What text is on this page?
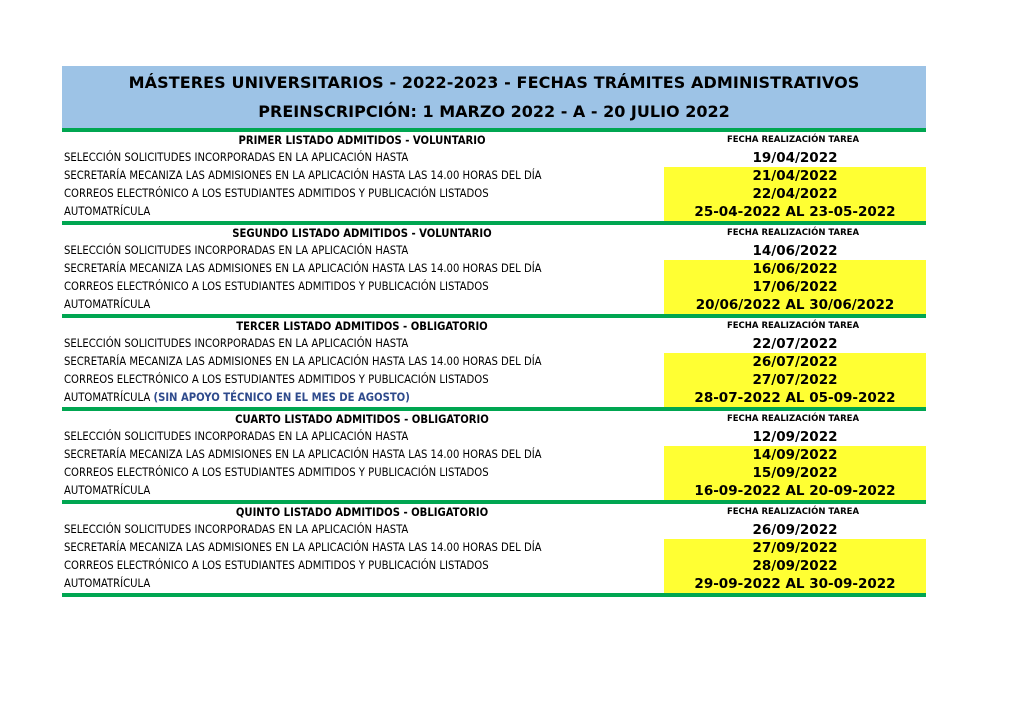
MÁSTERES UNIVERSITARIOS - 2022-2023 - FECHAS TRÁMITES ADMINISTRATIVOS
PREINSCRIPCIÓN: 1 MARZO 2022 - A - 20 JULIO 2022
PRIMER LISTADO ADMITIDOS - VOLUNTARIO	FECHA REALIZACIÓN TAREA
SELECCIÓN SOLICITUDES INCORPORADAS EN LA APLICACIÓN HASTA	19/04/2022
SECRETARÍA MECANIZA LAS ADMISIONES EN LA APLICACIÓN HASTA LAS 14.00 HORAS DEL DÍA	21/04/2022
CORREOS ELECTRÓNICO A LOS ESTUDIANTES ADMITIDOS Y PUBLICACIÓN LISTADOS	22/04/2022
AUTOMATRÍCULA	25-04-2022 AL 23-05-2022
SEGUNDO LISTADO ADMITIDOS - VOLUNTARIO	FECHA REALIZACIÓN TAREA
SELECCIÓN SOLICITUDES INCORPORADAS EN LA APLICACIÓN HASTA	14/06/2022
SECRETARÍA MECANIZA LAS ADMISIONES EN LA APLICACIÓN HASTA LAS 14.00 HORAS DEL DÍA	16/06/2022
CORREOS ELECTRÓNICO A LOS ESTUDIANTES ADMITIDOS Y PUBLICACIÓN LISTADOS	17/06/2022
AUTOMATRÍCULA	20/06/2022 AL 30/06/2022
TERCER LISTADO ADMITIDOS - OBLIGATORIO	FECHA REALIZACIÓN TAREA
SELECCIÓN SOLICITUDES INCORPORADAS EN LA APLICACIÓN HASTA	22/07/2022
SECRETARÍA MECANIZA LAS ADMISIONES EN LA APLICACIÓN HASTA LAS 14.00 HORAS DEL DÍA	26/07/2022
CORREOS ELECTRÓNICO A LOS ESTUDIANTES ADMITIDOS Y PUBLICACIÓN LISTADOS	27/07/2022
AUTOMATRÍCULA (SIN APOYO TÉCNICO EN EL MES DE AGOSTO)	28-07-2022 AL 05-09-2022
CUARTO LISTADO ADMITIDOS - OBLIGATORIO	FECHA REALIZACIÓN TAREA
SELECCIÓN SOLICITUDES INCORPORADAS EN LA APLICACIÓN HASTA	12/09/2022
SECRETARÍA MECANIZA LAS ADMISIONES EN LA APLICACIÓN HASTA LAS 14.00 HORAS DEL DÍA	14/09/2022
CORREOS ELECTRÓNICO A LOS ESTUDIANTES ADMITIDOS Y PUBLICACIÓN LISTADOS	15/09/2022
AUTOMATRÍCULA	16-09-2022 AL 20-09-2022
QUINTO LISTADO ADMITIDOS - OBLIGATORIO	FECHA REALIZACIÓN TAREA
SELECCIÓN SOLICITUDES INCORPORADAS EN LA APLICACIÓN HASTA	26/09/2022
SECRETARÍA MECANIZA LAS ADMISIONES EN LA APLICACIÓN HASTA LAS 14.00 HORAS DEL DÍA	27/09/2022
CORREOS ELECTRÓNICO A LOS ESTUDIANTES ADMITIDOS Y PUBLICACIÓN LISTADOS	28/09/2022
AUTOMATRÍCULA	29-09-2022 AL 30-09-2022
